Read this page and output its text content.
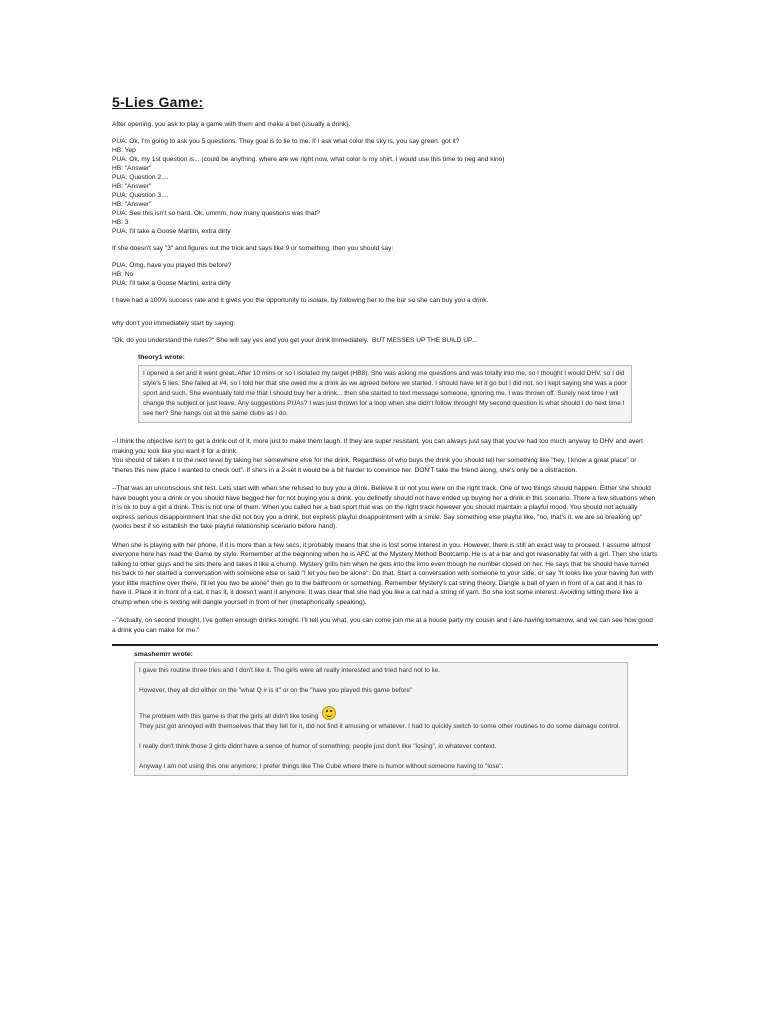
5-Lies Game:
After opening, you ask to play a game with them and make a bet (usually a drink).
PUA: Ok, I'm going to ask you 5 questions. They goal is to lie to me. If I ask what color the sky is, you say green. got it?
HB: Yep
PUA: Ok, my 1st question is... (could be anything. where are we right now, what color is my shirt, I would use this time to neg and kino)
HB: "Answer"
PUA: Question 2....
HB: "Answer"
PUA: Question 3....
HB: "Answer"
PUA: See this isn't so hard. Ok, ummm, how many questions was that?
HB: 3
PUA: I'll take a Goose Martini, extra dirty
If she doesn't say "3" and figures out the trick and says like 9 or something, then you should say:
PUA: Omg, have you played this before?
HB: No
PUA: I'll take a Goose Martini, extra dirty
I have had a 100% success rate and it gives you the opportunity to isolate, by following her to the bar so she can buy you a drink.
why don't you immediately start by saying:
"Ok, do you understand the rules?" She will say yes and you get your drink immediately.  BUT MESSES UP THE BUILD UP...
theory1 wrote:
I opened a set and it went great. After 10 mins or so I isolated my target (HB8). She was asking me questions and was totally into me, so I thought I would DHV, so I did style's 5 lies. She failed at #4, so I told her that she owed me a drink as we agreed before we started. I should have let it go but I did not, so I kept saying she was a poor sport and such. She eventually told me that I should buy her a drink... then she started to text message someone, ignoring me. I was thrown off. Surely next time I will change the subject or just leave. Any suggestions PUAs? I was just thrown for a loop when she didn't follow through! My second question is what should I do next time I see her? She hangs out at the same clubs as I do.
--I think the objective isn't to get a drink out of it, more just to make them laugh. If they are super resistant, you can always just say that you've had too much anyway to DHV and avert making you look like you want it for a drink.
You should of taken it to the next level by taking her somewhere else for the drink. Regardless of who buys the drink you should tell her something like "hey, I know a great place" or "theres this new place I wanted to check out". If she's in a 2-set it would be a bit harder to convince her. DON'T take the friend along, she's only be a distraction.
--That was an unconscious shit test. Lets start with when she refused to buy you a drink. Believe it or not you were on the right track. One of two things should happen. Either she should have bought you a drink or you should have begged her for not buying you a drink. you definetly should not have ended up buying her a drink in this scenario. There a few situations when it is ok to buy a girl a drink. This is not one of them. When you called her a bad sport that was on the right track however you should maintain a playful mood. You should not actually express serious disappointment that she did not buy you a drink, but express playful disappointment with a smile. Say something else playful like, "no, that's it, we are so breaking up" (works best if so establish the fake playful relationship scenario before hand).
When she is playing with her phone, if it is more than a few secs, it probably means that she is lost some interest in you. However, there is still an exact way to proceed. I assume almost everyone here has read the Game by style. Remember at the beginning when he is AFC at the Mystery Method Bootcamp. He is at a bar and got reasonably far with a girl. Then she starts talking to other guys and he sits there and takes it like a chump. Mystery grills him when he gets into the limo even though he number closed on her. He says that he should have turned his back to her started a conversation with someone else or said "I let you two be alone". Do that. Start a conversation with someone to your side, or say "It looks like your having fun with your little machine over there, I'll let you two be alone" then go to the bathroom or something. Remember Mystery's cat string theory. Dangle a ball of yarn in front of a cat and it has to have it. Place it in front of a cat, it has it, it doesn't want it anymore. It was clear that she had you like a cat had a string of yarn. So she lost some interest. Avoiding sitting there like a chump when she is texting will dangle yourself in front of her (metaphorically speaking).
--"Actually, on second thought, I've gotten enough drinks tonight. I'll tell you what, you can come join me at a house party my cousin and I are having tomarrow, and we can see how good a drink you can make for me."
smashemrr wrote:
I gave this routine three tries and I don't like it. The girls were all really interested and tried hard not to lie.
However, they all did either on the "what Q # is it" or on the "have you played this game before"
The problem with this game is that the girls all didn't like losing
They just got annoyed with themselves that they fell for it, did not find it amusing or whatever. I had to quickly switch to some other routines to do some damage control.
I really don't think those 3 girls didnt have a sense of humor of something; people just don't like "losing", in whatever context.
Anyway I am not using this one anymore; I prefer things like The Cube where there is humor without someone having to "lose".
